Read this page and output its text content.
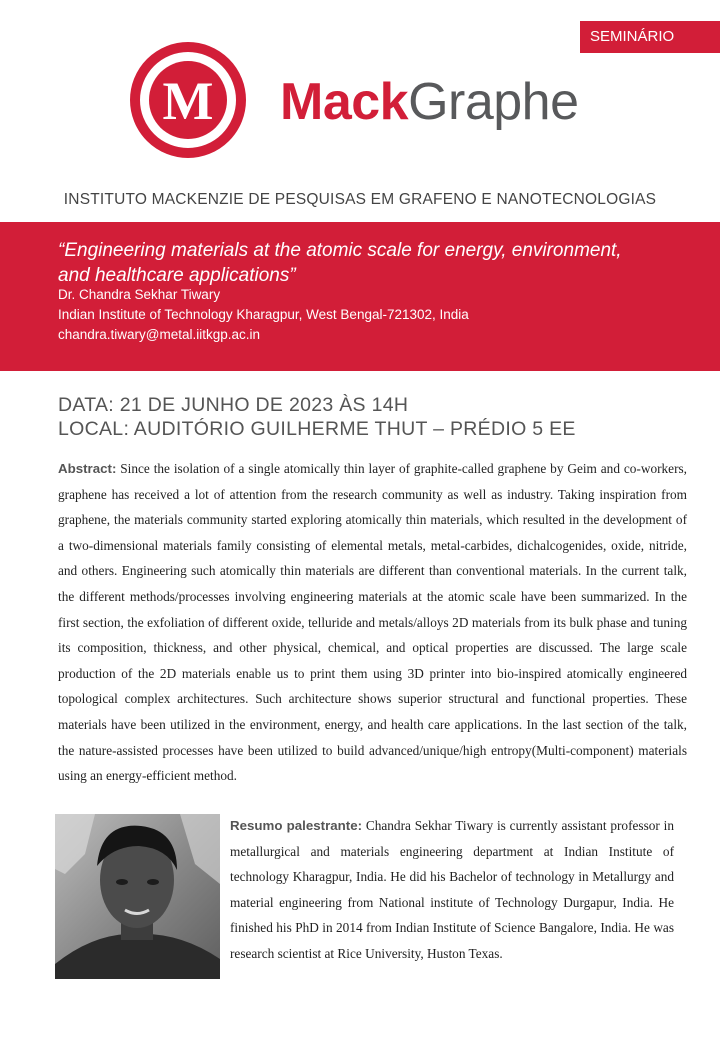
SEMINÁRIO
M MackGraphe
INSTITUTO MACKENZIE DE PESQUISAS EM GRAFENO E NANOTECNOLOGIAS
“Engineering materials at the atomic scale for energy, environment,
and healthcare applications”
Dr. Chandra Sekhar Tiwary
Indian Institute of Technology Kharagpur, West Bengal-721302, India
chandra.tiwary@metal.iitkgp.ac.in
DATA: 21 DE JUNHO DE 2023 ÀS 14H
LOCAL: AUDITÓRIO GUILHERME THUT – PRÉDIO 5 EE

Abstract: Since the isolation of a single atomically thin layer of graphite-called graphene by Geim and co-workers, graphene has received a lot of attention from the research community as well as industry. Taking inspiration from graphene, the materials community started exploring atomically thin materials, which resulted in the development of a two-dimensional materials family consisting of elemental metals, metal-carbides, dichalcogenides, oxide, nitride, and others. Engineering such atomically thin materials are different than conventional materials. In the current talk, the different methods/processes involving engineering materials at the atomic scale have been summarized. In the first section, the exfoliation of different oxide, telluride and metals/alloys 2D materials from its bulk phase and tuning its composition, thickness, and other physical, chemical, and optical properties are discussed. The large scale production of the 2D materials enable us to print them using 3D printer into bio-inspired atomically engineered topological complex architectures. Such architecture shows superior structural and functional properties. These materials have been utilized in the environment, energy, and health care applications. In the last section of the talk, the nature-assisted processes have been utilized to build advanced/unique/high entropy(Multi-component) materials using an energy-efficient method.

Resumo palestrante: Chandra Sekhar Tiwary is currently assistant professor in metallurgical and materials engineering department at Indian Institute of technology Kharagpur, India. He did his Bachelor of technology in Metallurgy and material engineering from National institute of Technology Durgapur, India. He finished his PhD in 2014 from Indian Institute of Science Bangalore, India. He was research scientist at Rice University, Huston Texas.
